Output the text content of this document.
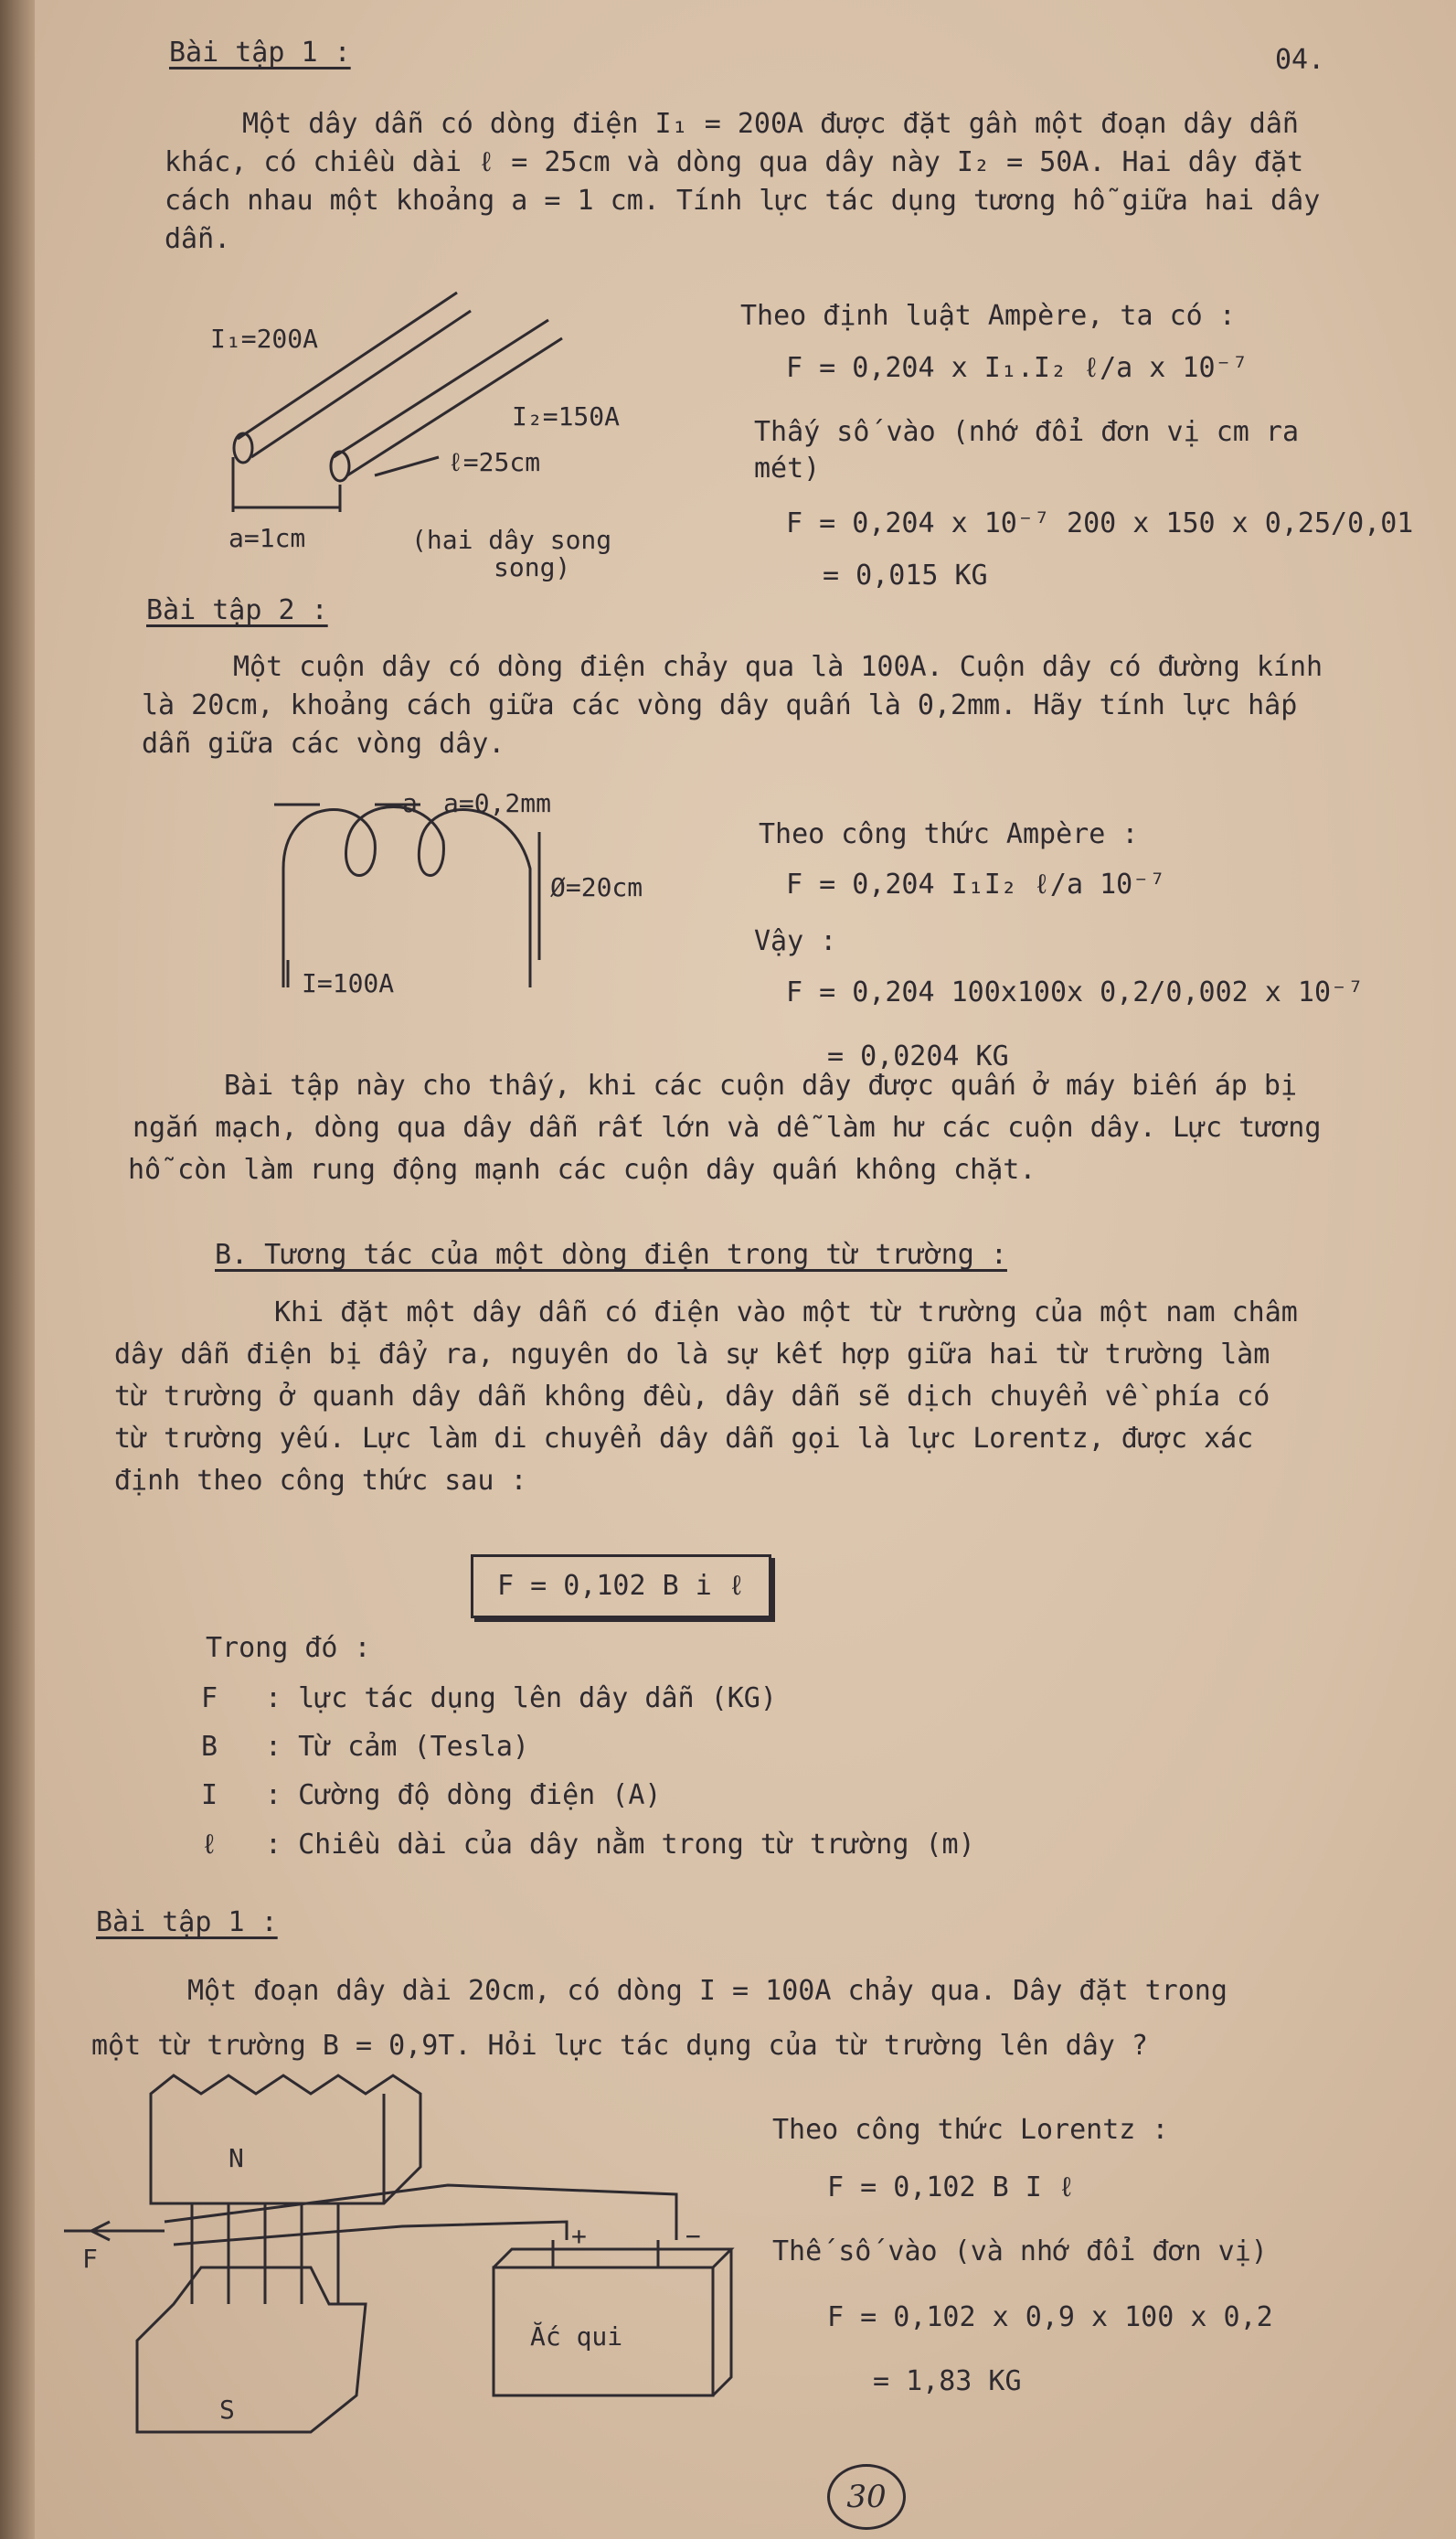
Bài tập 1 :	04.
Một dây dẫn có dòng điện I₁ = 200A được đặt gần một đoạn dây dẫn
khác, có chiều dài ℓ = 25cm và dòng qua dây này I₂ = 50A. Hai dây đặt
cách nhau một khoảng a = 1 cm. Tính lực tác dụng tương hỗ giữa hai dây
dẫn.
I₁=200A
I₂=150A
ℓ=25cm
a=1cm	(hai dây song
song)
Theo định luật Ampère, ta có :
F = 0,204 x I₁.I₂ ℓ/a x 10⁻⁷
Thấy số vào (nhớ đổi đơn vị cm ra
mét)
F = 0,204 x 10⁻⁷ 200 x 150 x 0,25/0,01
= 0,015 KG
Bài tập 2 :
Một cuộn dây có dòng điện chảy qua là 100A. Cuộn dây có đường kính
là 20cm, khoảng cách giữa các vòng dây quấn là 0,2mm. Hãy tính lực hấp
dẫn giữa các vòng dây.
a a=0,2mm
Ø=20cm
I=100A
Theo công thức Ampère :
F = 0,204 I₁I₂ ℓ/a 10⁻⁷
Vậy :
F = 0,204 100x100x 0,2/0,002 x 10⁻⁷
= 0,0204 KG
Bài tập này cho thấy, khi các cuộn dây được quấn ở máy biến áp bị
ngắn mạch, dòng qua dây dẫn rất lớn và dễ làm hư các cuộn dây. Lực tương
hỗ còn làm rung động mạnh các cuộn dây quấn không chặt.
B. Tương tác của một dòng điện trong từ trường :
Khi đặt một dây dẫn có điện vào một từ trường của một nam châm
dây dẫn điện bị đẩy ra, nguyên do là sự kết hợp giữa hai từ trường làm
từ trường ở quanh dây dẫn không đều, dây dẫn sẽ dịch chuyển về phía có
từ trường yếu. Lực làm di chuyển dây dẫn gọi là lực Lorentz, được xác
định theo công thức sau :
F = 0,102 B i ℓ
Trong đó :
F : lực tác dụng lên dây dẫn (KG)
B : Từ cảm (Tesla)
I : Cường độ dòng điện (A)
ℓ : Chiều dài của dây nằm trong từ trường (m)
Bài tập 1 :
Một đoạn dây dài 20cm, có dòng I = 100A chảy qua. Dây đặt trong
một từ trường B = 0,9T. Hỏi lực tác dụng của từ trường lên dây ?
N
S
F
+	−
Ắc qui
Theo công thức Lorentz :
F = 0,102 B I ℓ
Thế số vào (và nhớ đổi đơn vị)
F = 0,102 x 0,9 x 100 x 0,2
= 1,83 KG
30
